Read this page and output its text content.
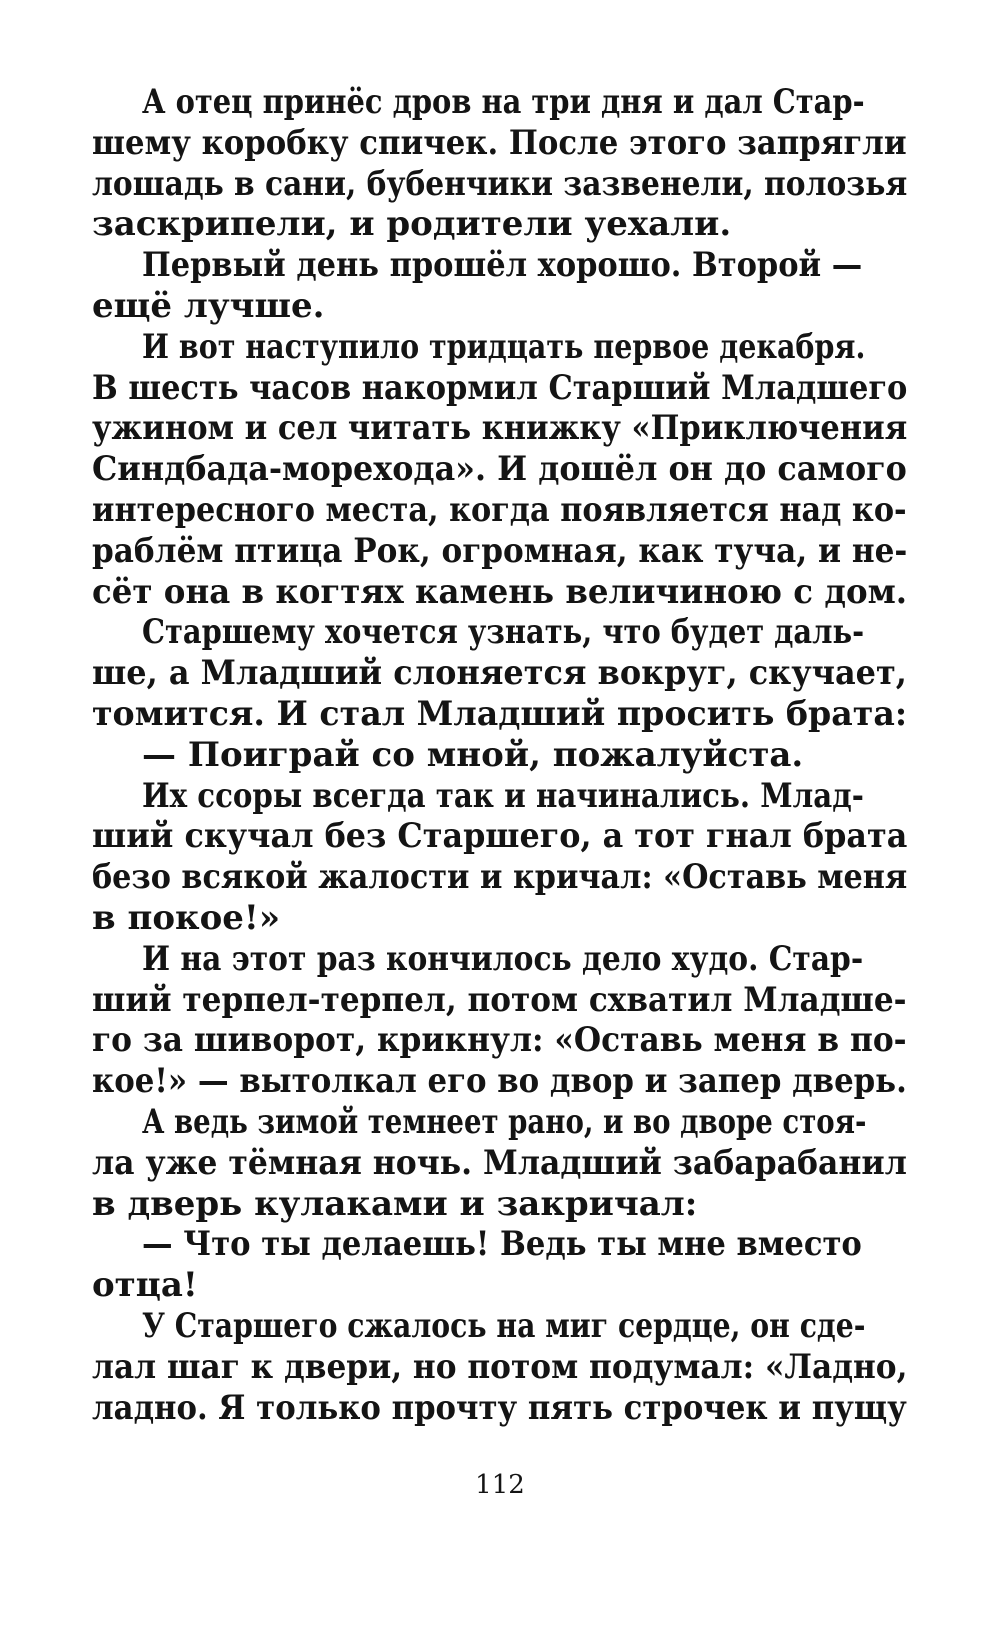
А отец принёс дров на три дня и дал Стар-
шему коробку спичек. После этого запрягли
лошадь в сани, бубенчики зазвенели, полозья
заскрипели, и родители уехали.

Первый день прошёл хорошо. Второй —
ещё лучше.

И вот наступило тридцать первое декабря.
В шесть часов накормил Старший Младшего
ужином и сел читать книжку «Приключения
Синдбада-морехода». И дошёл он до самого
интересного места, когда появляется над ко-
раблём птица Рок, огромная, как туча, и не-
сёт она в когтях камень величиною с дом.

Старшему хочется узнать, что будет даль-
ше, а Младший слоняется вокруг, скучает,
томится. И стал Младший просить брата:

— Поиграй со мной, пожалуйста.

Их ссоры всегда так и начинались. Млад-
ший скучал без Старшего, а тот гнал брата
безо всякой жалости и кричал: «Оставь меня
в покое!»

И на этот раз кончилось дело худо. Стар-
ший терпел-терпел, потом схватил Младше-
го за шиворот, крикнул: «Оставь меня в по-
кое!» — вытолкал его во двор и запер дверь.

А ведь зимой темнеет рано, и во дворе стоя-
ла уже тёмная ночь. Младший забарабанил
в дверь кулаками и закричал:

— Что ты делаешь! Ведь ты мне вместо
отца!

У Старшего сжалось на миг сердце, он сде-
лал шаг к двери, но потом подумал: «Ладно,
ладно. Я только прочту пять строчек и пущу

112
